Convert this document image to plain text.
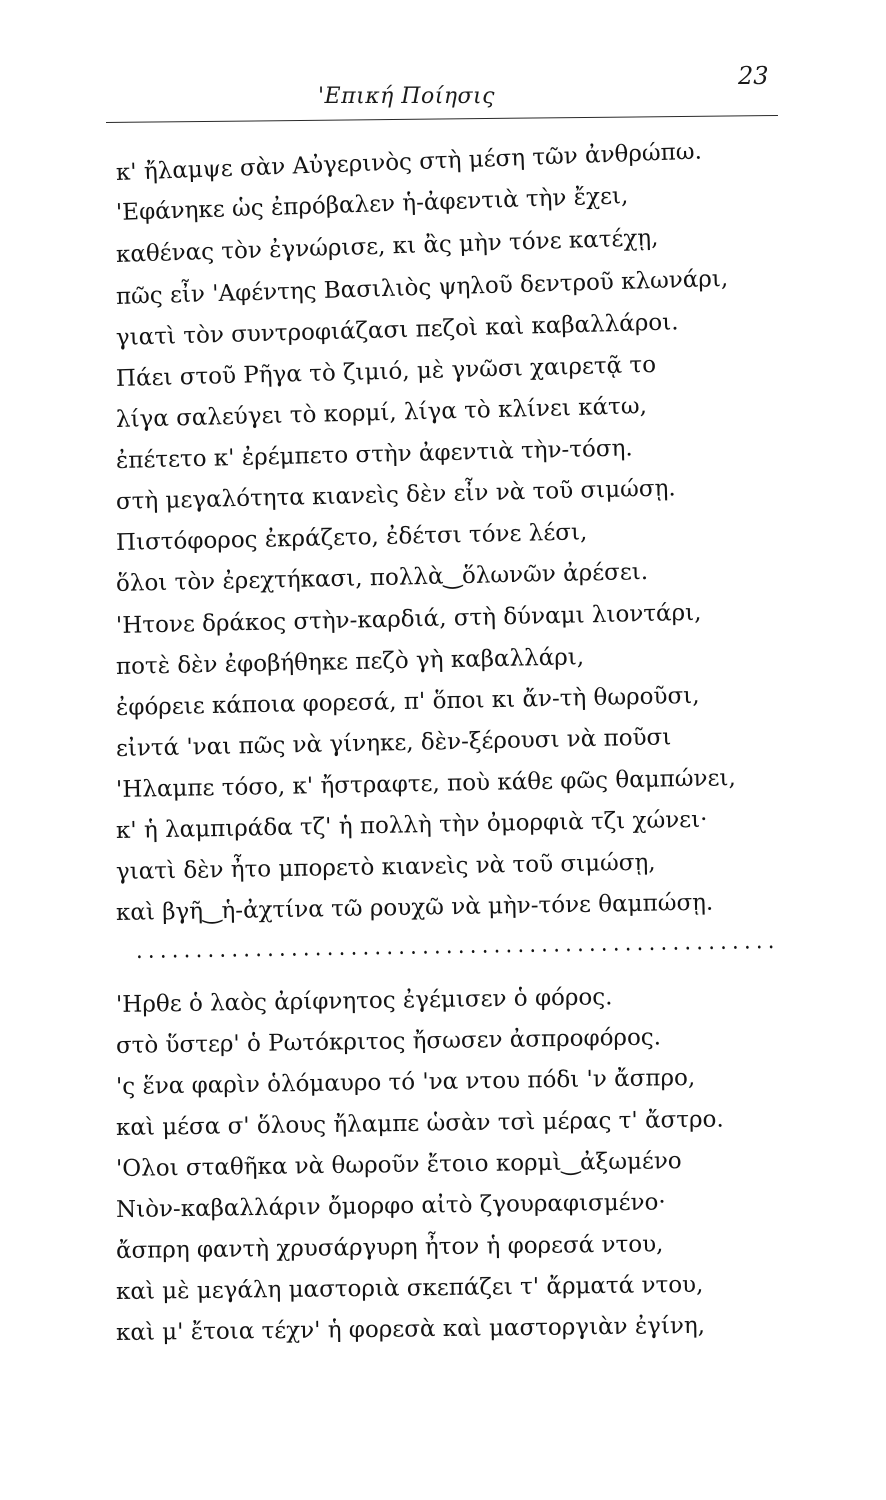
'Επική Ποίησις
23
κ' ἤλαμψε σὰν Αὐγερινὸς στὴ μέση τῶν ἀνθρώπω.
'Εφάνηκε ὡς ἐπρόβαλεν ἡ-ἀφεντιὰ τὴν ἔχει,
καθένας τὸν ἐγνώρισε, κι ἂς μὴν τόνε κατέχῃ,
πῶς εἶν 'Αφέντης Βασιλιὸς ψηλοῦ δεντροῦ κλωνάρι,
γιατὶ τὸν συντροφιάζασι πεζοὶ καὶ καβαλλάροι.
Πάει στοῦ Ρῆγα τὸ ζιμιό, μὲ γνῶσι χαιρετᾷ το
λίγα σαλεύγει τὸ κορμί, λίγα τὸ κλίνει κάτω,
ἐπέτετο κ' ἐρέμπετο στὴν ἀφεντιὰ τὴν-τόση.
στὴ μεγαλότητα κιανεὶς δὲν εἶν νὰ τοῦ σιμώσῃ.
Πιστόφορος ἐκράζετο, ἐδέτσι τόνε λέσι,
ὅλοι τὸν ἐρεχτήκασι, πολλὰ‿ὅλωνῶν ἀρέσει.
'Ητονε δράκος στὴν-καρδιά, στὴ δύναμι λιοντάρι,
ποτὲ δὲν ἐφοβήθηκε πεζὸ γὴ καβαλλάρι,
ἐφόρειε κάποια φορεσά, π' ὅποι κι ἄν-τὴ θωροῦσι,
εἰντά 'ναι πῶς νὰ γίνηκε, δὲν-ξέρουσι νὰ ποῦσι
'Ηλαμπε τόσο, κ' ἤστραφτε, ποὺ κάθε φῶς θαμπώνει,
κ' ἡ λαμπιράδα τζ' ἡ πολλὴ τὴν ὀμορφιὰ τζι χώνει·
γιατὶ δὲν ἦτο μπορετὸ κιανεὶς νὰ τοῦ σιμώσῃ,
καὶ βγῆ‿ἡ-ἀχτίνα τῶ ρουχῶ νὰ μὴν-τόνε θαμπώσῃ.
......................................................
'Ηρθε ὁ λαὸς ἀρίφνητος ἐγέμισεν ὁ φόρος.
στὸ ὕστερ' ὁ Ρωτόκριτος ἤσωσεν ἀσπροφόρος.
'ς ἕνα φαρὶν ὁλόμαυρο τό 'να ντου πόδι 'ν ἄσπρο,
καὶ μέσα σ' ὅλους ἤλαμπε ὡσὰν τσὶ μέρας τ' ἄστρο.
'Ολοι σταθῆκα νὰ θωροῦν ἔτοιο κορμὶ‿ἀξωμένο
Νιὸν-καβαλλάριν ὄμορφο αἰτὸ ζγουραφισμένο·
ἄσπρη φαντὴ χρυσάργυρη ἦτον ἡ φορεσά ντου,
καὶ μὲ μεγάλη μαστοριὰ σκεπάζει τ' ἄρματά ντου,
καὶ μ' ἔτοια τέχν' ἡ φορεσὰ καὶ μαστοργιὰν ἐγίνη,
